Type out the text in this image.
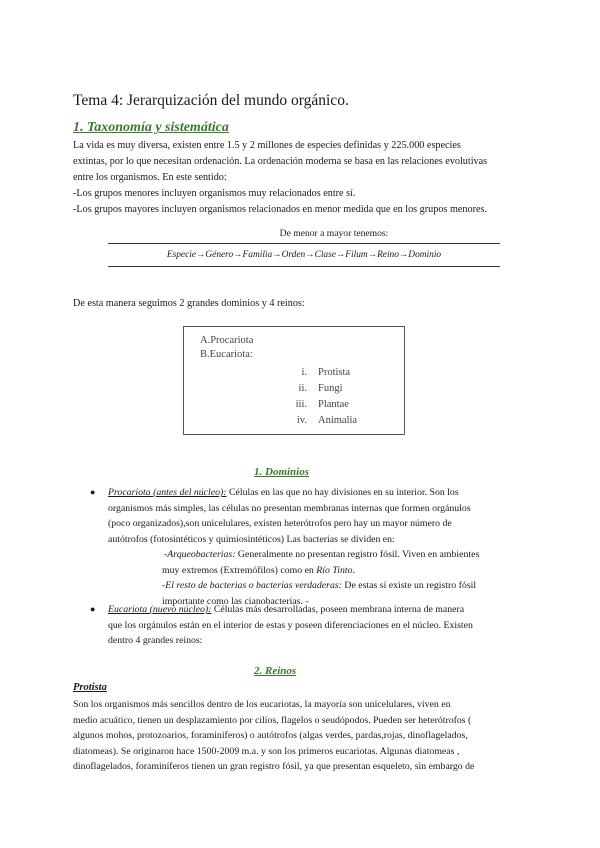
Tema 4: Jerarquización del mundo orgánico.
1. Taxonomía y sistemática
La vida es muy diversa, existen entre 1.5 y 2 millones de especies definidas y 225.000 especies
extintas, por lo que necesitan ordenación. La ordenación moderna se basa en las relaciones evolutivas
entre los organismos. En este sentido:
-Los grupos menores incluyen organismos muy relacionados entre sí.
-Los grupos mayores incluyen organismos relacionados en menor medida que en los grupos menores.
De menor a mayor tenemos:
Especie→Género→Familia→Orden→Clase→Filum→Reino→Dominio

De esta manera seguimos 2 grandes dominios y 4 reinos:

A.Procariota
B.Eucariota:
i. Protista
ii. Fungi
iii. Plantae
iv. Animalia
1. Dominios
● Procariota (antes del núcleo): Células en las que no hay divisiones en su interior. Son los
organismos más simples, las células no presentan membranas internas que formen orgánulos
(poco organizados),son unicelulares, existen heterótrofos pero hay un mayor número de
autótrofos (fotosintéticos y quimiosintéticos) Las bacterias se dividen en:
-Arqueobacterias: Generalmente no presentan registro fósil. Viven en ambientes
muy extremos (Extremófilos) como en Río Tinto.
-El resto de bacterias o bacterias verdaderas: De estas sí existe un registro fósil
importante como las cianobacterias. -
● Eucariota (nuevo núcleo): Células más desarrolladas, poseen membrana interna de manera
que los orgánulos están en el interior de estas y poseen diferenciaciones en el núcleo. Existen
dentro 4 grandes reinos:
2. Reinos
Protista
Son los organismos más sencillos dentro de los eucariotas, la mayoría son unicelulares, viven en
medio acuático, tienen un desplazamiento por cilios, flagelos o seudópodos. Pueden ser heterótrofos (
algunos mohos, protozoarios, foraminíferos) o autótrofos (algas verdes, pardas,rojas, dinoflagelados,
diatomeas). Se originaron hace 1500-2009 m.a. y son los primeros eucariotas. Algunas diatomeas ,
dinoflagelados, foraminíferos tienen un gran registro fósil, ya que presentan esqueleto, sin embargo de
